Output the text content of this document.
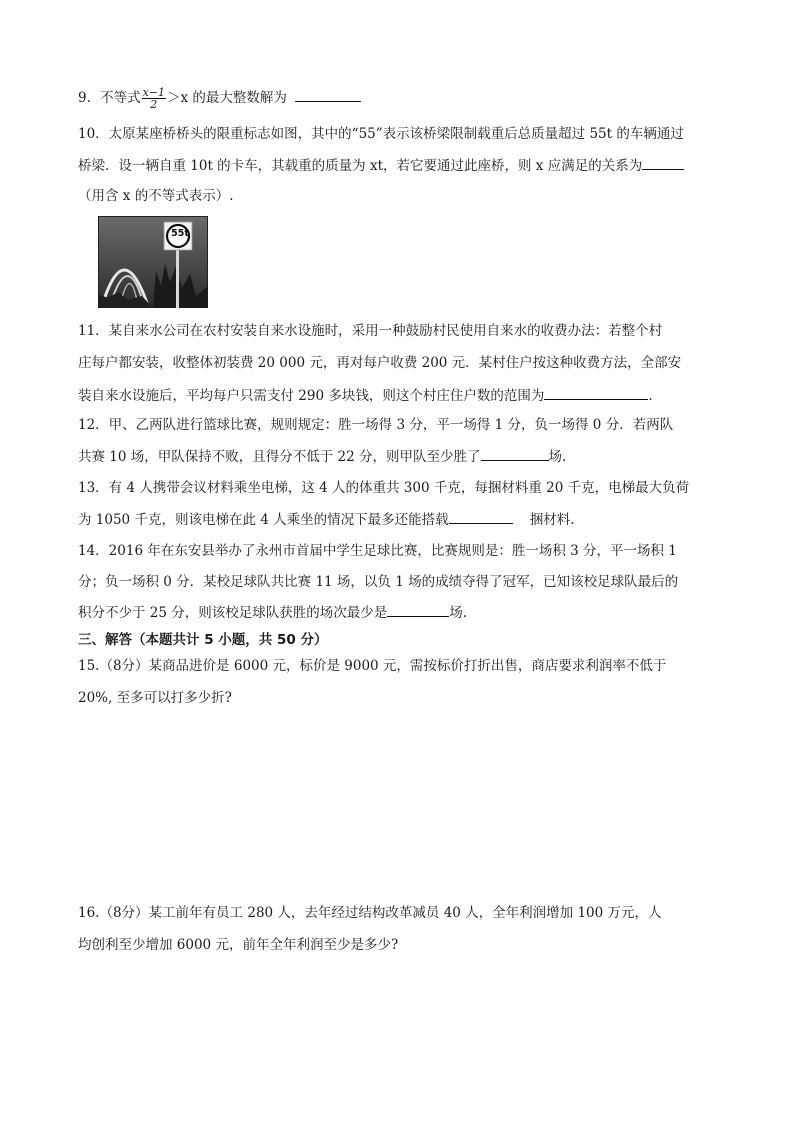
9．不等式 $\frac{x-1}{2} >x$ 的最大整数解为
10．太原某座桥桥头的限重标志如图，其中的“55”表示该桥梁限制载重后总质量超过 55t 的车辆通过
桥梁．设一辆自重 10t 的卡车，其载重的质量为 xt，若它要通过此座桥，则 x 应满足的关系为
（用含 x 的不等式表示）.
55t
11．某自来水公司在农村安装自来水设施时，采用一种鼓励村民使用自来水的收费办法：若整个村
庄每户都安装，收整体初装费 20 000 元，再对每户收费 200 元．某村住户按这种收费方法，全部安
装自来水设施后，平均每户只需支付 290 多块钱，则这个村庄住户数的范围为	.
12．甲、乙两队进行篮球比赛，规则规定：胜一场得 3 分，平一场得 1 分，负一场得 0 分．若两队
共赛 10 场，甲队保持不败，且得分不低于 22 分，则甲队至少胜了	场.
13．有 4 人携带会议材料乘坐电梯，这 4 人的体重共 300 千克，每捆材料重 20 千克，电梯最大负荷
为 1050 千克，则该电梯在此 4 人乘坐的情况下最多还能搭载	捆材料.
14．2016 年在东安县举办了永州市首届中学生足球比赛，比赛规则是：胜一场积 3 分，平一场积 1
分；负一场积 0 分．某校足球队共比赛 11 场，以负 1 场的成绩夺得了冠军，已知该校足球队最后的
积分不少于 25 分，则该校足球队获胜的场次最少是	场.
三、解答（本题共计 5 小题，共 50 分）
15.（8分）某商品进价是 6000 元，标价是 9000 元，需按标价打折出售，商店要求利润率不低于
20%, 至多可以打多少折?
16.（8分）某工前年有员工 280 人，去年经过结构改革减员 40 人，全年利润增加 100 万元，人
均创利至少增加 6000 元，前年全年利润至少是多少?
